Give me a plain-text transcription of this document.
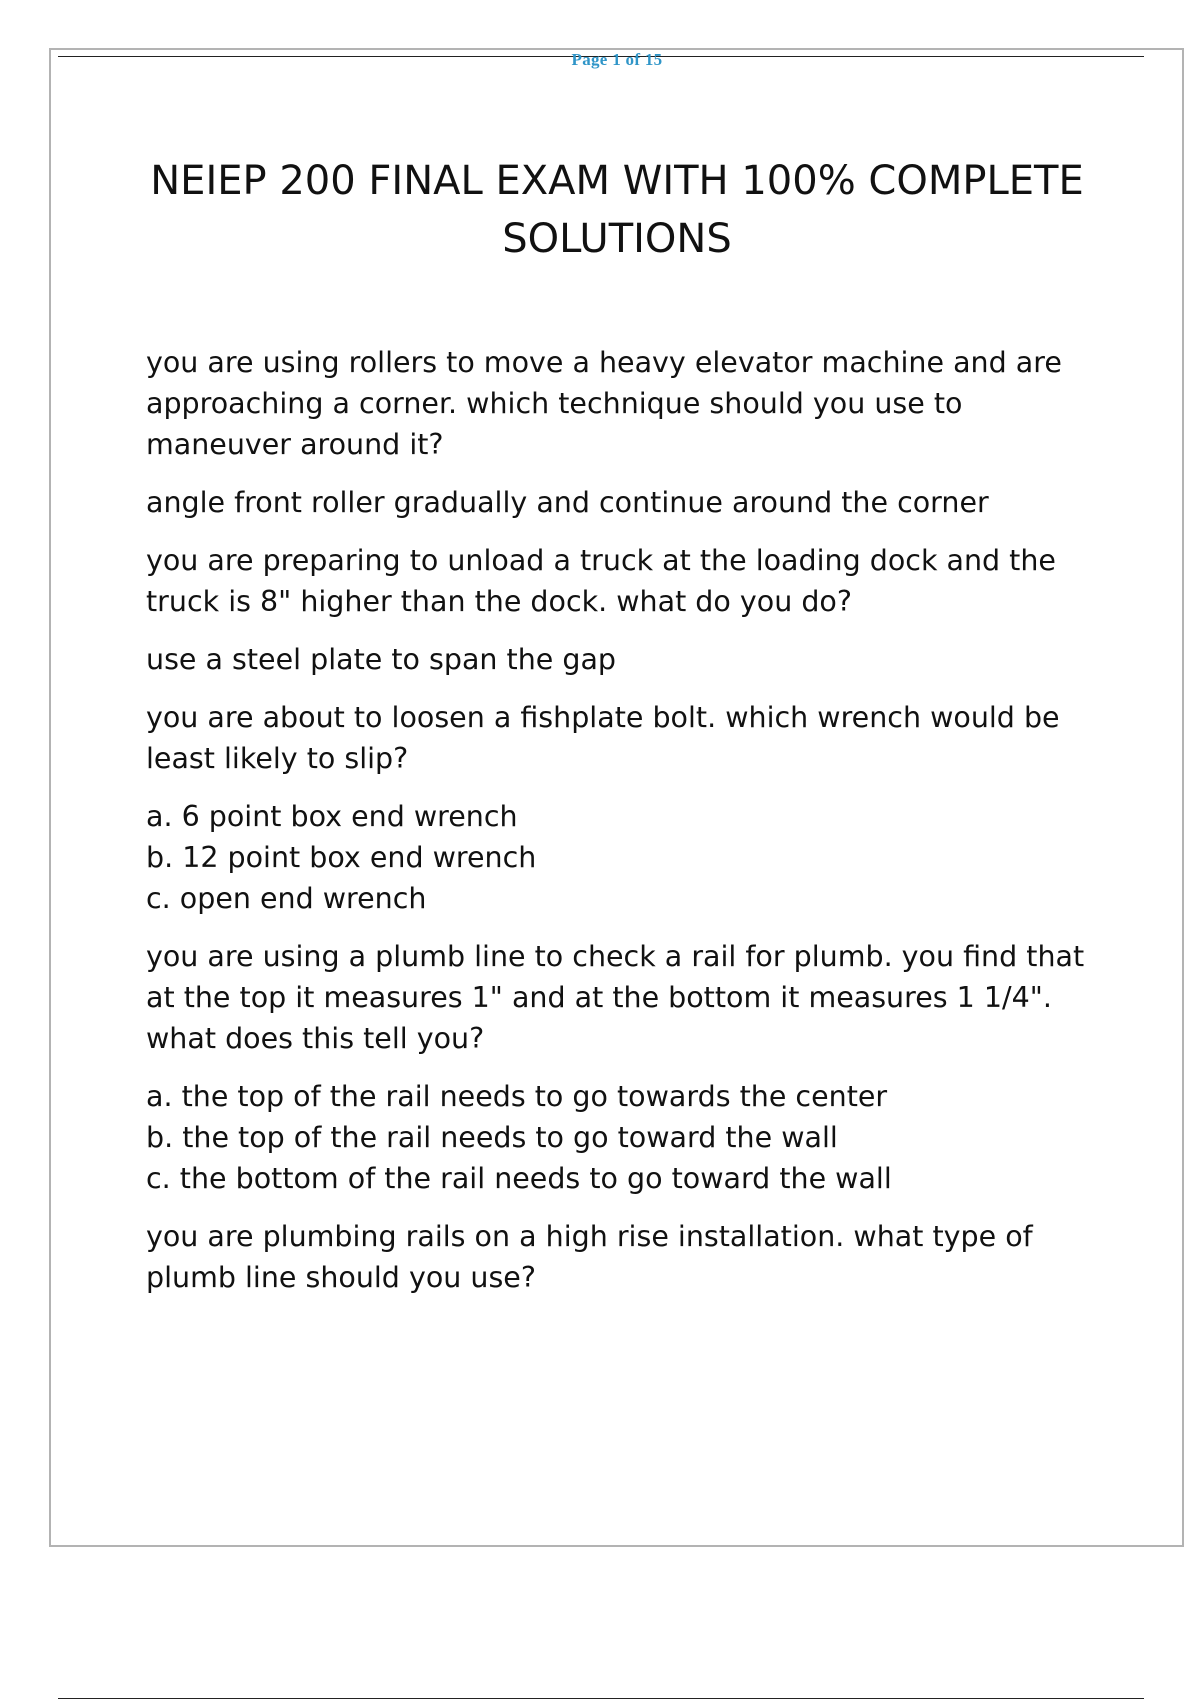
Page 1 of 15
NEIEP 200 FINAL EXAM WITH 100% COMPLETE SOLUTIONS

you are using rollers to move a heavy elevator machine and are approaching a corner. which technique should you use to maneuver around it?

angle front roller gradually and continue around the corner

you are preparing to unload a truck at the loading dock and the truck is 8" higher than the dock. what do you do?

use a steel plate to span the gap

you are about to loosen a fishplate bolt. which wrench would be least likely to slip?

a. 6 point box end wrench
b. 12 point box end wrench
c. open end wrench

you are using a plumb line to check a rail for plumb. you find that at the top it measures 1" and at the bottom it measures 1 1/4". what does this tell you?

a. the top of the rail needs to go towards the center
b. the top of the rail needs to go toward the wall
c. the bottom of the rail needs to go toward the wall

you are plumbing rails on a high rise installation. what type of plumb line should you use?
